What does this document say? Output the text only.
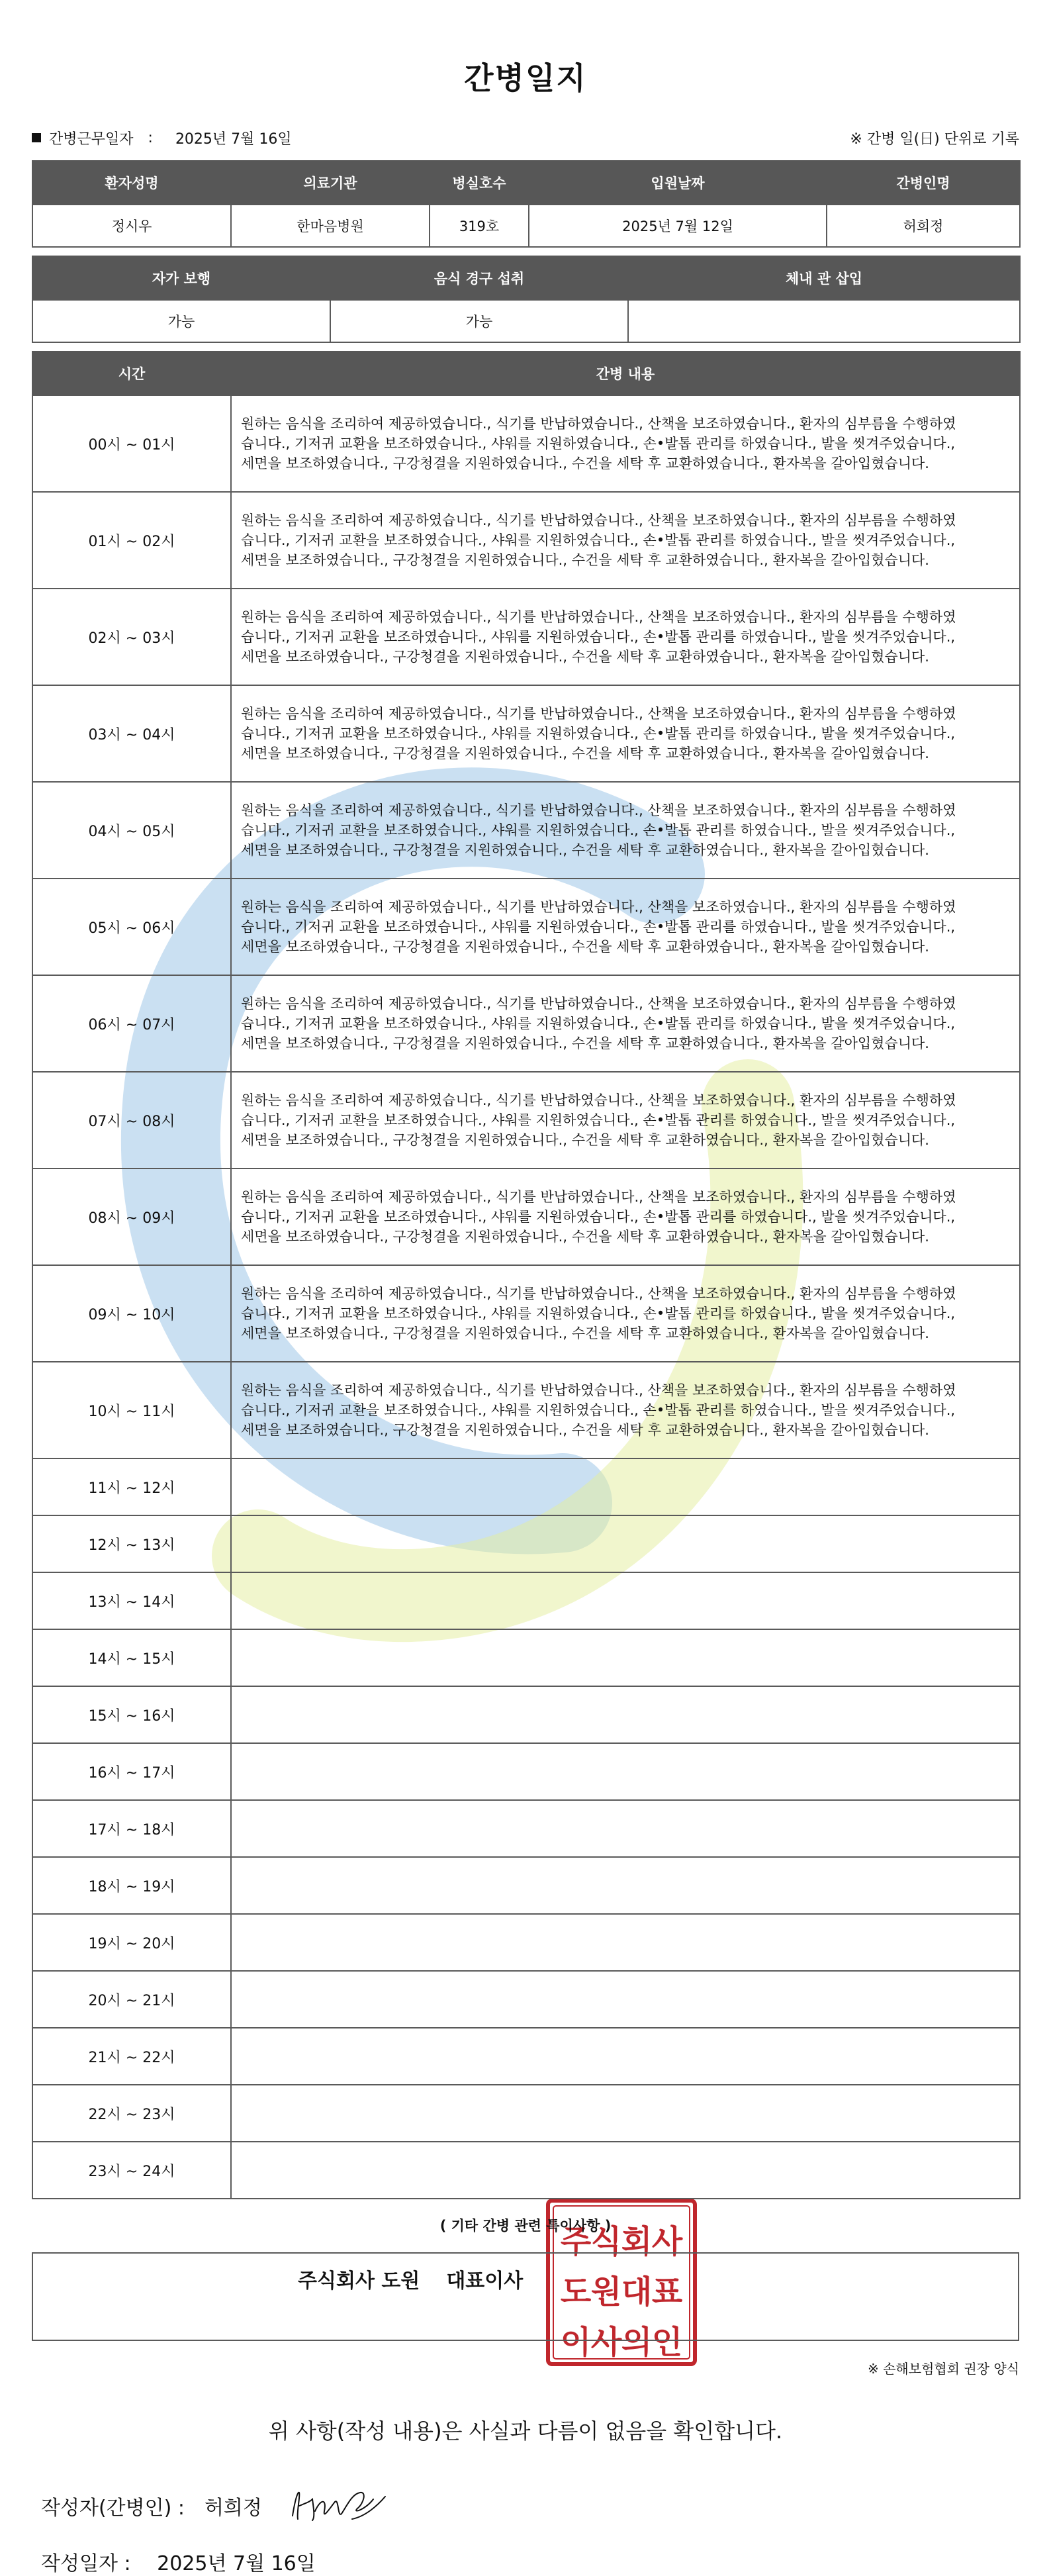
간병일지
간병근무일자 : 2025년 7월 16일	※ 간병 일(日) 단위로 기록
환자성명	의료기관	병실호수	입원날짜	간병인명
정시우	한마음병원	319호	2025년 7월 12일	허희정
자가 보행	음식 경구 섭취	체내 관 삽입
가능	가능	
시간	간병 내용
00시 ~ 01시	원하는 음식을 조리하여 제공하였습니다., 식기를 반납하였습니다., 산책을 보조하였습니다., 환자의 심부름을 수행하였
습니다., 기저귀 교환을 보조하였습니다., 샤워를 지원하였습니다., 손•발톱 관리를 하였습니다., 발을 씻겨주었습니다.,
세면을 보조하였습니다., 구강청결을 지원하였습니다., 수건을 세탁 후 교환하였습니다., 환자복을 갈아입혔습니다.

01시 ~ 02시	원하는 음식을 조리하여 제공하였습니다., 식기를 반납하였습니다., 산책을 보조하였습니다., 환자의 심부름을 수행하였
습니다., 기저귀 교환을 보조하였습니다., 샤워를 지원하였습니다., 손•발톱 관리를 하였습니다., 발을 씻겨주었습니다.,
세면을 보조하였습니다., 구강청결을 지원하였습니다., 수건을 세탁 후 교환하였습니다., 환자복을 갈아입혔습니다.

02시 ~ 03시	원하는 음식을 조리하여 제공하였습니다., 식기를 반납하였습니다., 산책을 보조하였습니다., 환자의 심부름을 수행하였
습니다., 기저귀 교환을 보조하였습니다., 샤워를 지원하였습니다., 손•발톱 관리를 하였습니다., 발을 씻겨주었습니다.,
세면을 보조하였습니다., 구강청결을 지원하였습니다., 수건을 세탁 후 교환하였습니다., 환자복을 갈아입혔습니다.

03시 ~ 04시	원하는 음식을 조리하여 제공하였습니다., 식기를 반납하였습니다., 산책을 보조하였습니다., 환자의 심부름을 수행하였
습니다., 기저귀 교환을 보조하였습니다., 샤워를 지원하였습니다., 손•발톱 관리를 하였습니다., 발을 씻겨주었습니다.,
세면을 보조하였습니다., 구강청결을 지원하였습니다., 수건을 세탁 후 교환하였습니다., 환자복을 갈아입혔습니다.

04시 ~ 05시	원하는 음식을 조리하여 제공하였습니다., 식기를 반납하였습니다., 산책을 보조하였습니다., 환자의 심부름을 수행하였
습니다., 기저귀 교환을 보조하였습니다., 샤워를 지원하였습니다., 손•발톱 관리를 하였습니다., 발을 씻겨주었습니다.,
세면을 보조하였습니다., 구강청결을 지원하였습니다., 수건을 세탁 후 교환하였습니다., 환자복을 갈아입혔습니다.

05시 ~ 06시	원하는 음식을 조리하여 제공하였습니다., 식기를 반납하였습니다., 산책을 보조하였습니다., 환자의 심부름을 수행하였
습니다., 기저귀 교환을 보조하였습니다., 샤워를 지원하였습니다., 손•발톱 관리를 하였습니다., 발을 씻겨주었습니다.,
세면을 보조하였습니다., 구강청결을 지원하였습니다., 수건을 세탁 후 교환하였습니다., 환자복을 갈아입혔습니다.

06시 ~ 07시	원하는 음식을 조리하여 제공하였습니다., 식기를 반납하였습니다., 산책을 보조하였습니다., 환자의 심부름을 수행하였
습니다., 기저귀 교환을 보조하였습니다., 샤워를 지원하였습니다., 손•발톱 관리를 하였습니다., 발을 씻겨주었습니다.,
세면을 보조하였습니다., 구강청결을 지원하였습니다., 수건을 세탁 후 교환하였습니다., 환자복을 갈아입혔습니다.

07시 ~ 08시	원하는 음식을 조리하여 제공하였습니다., 식기를 반납하였습니다., 산책을 보조하였습니다., 환자의 심부름을 수행하였
습니다., 기저귀 교환을 보조하였습니다., 샤워를 지원하였습니다., 손•발톱 관리를 하였습니다., 발을 씻겨주었습니다.,
세면을 보조하였습니다., 구강청결을 지원하였습니다., 수건을 세탁 후 교환하였습니다., 환자복을 갈아입혔습니다.

08시 ~ 09시	원하는 음식을 조리하여 제공하였습니다., 식기를 반납하였습니다., 산책을 보조하였습니다., 환자의 심부름을 수행하였
습니다., 기저귀 교환을 보조하였습니다., 샤워를 지원하였습니다., 손•발톱 관리를 하였습니다., 발을 씻겨주었습니다.,
세면을 보조하였습니다., 구강청결을 지원하였습니다., 수건을 세탁 후 교환하였습니다., 환자복을 갈아입혔습니다.

09시 ~ 10시	원하는 음식을 조리하여 제공하였습니다., 식기를 반납하였습니다., 산책을 보조하였습니다., 환자의 심부름을 수행하였
습니다., 기저귀 교환을 보조하였습니다., 샤워를 지원하였습니다., 손•발톱 관리를 하였습니다., 발을 씻겨주었습니다.,
세면을 보조하였습니다., 구강청결을 지원하였습니다., 수건을 세탁 후 교환하였습니다., 환자복을 갈아입혔습니다.

10시 ~ 11시	원하는 음식을 조리하여 제공하였습니다., 식기를 반납하였습니다., 산책을 보조하였습니다., 환자의 심부름을 수행하였
습니다., 기저귀 교환을 보조하였습니다., 샤워를 지원하였습니다., 손•발톱 관리를 하였습니다., 발을 씻겨주었습니다.,
세면을 보조하였습니다., 구강청결을 지원하였습니다., 수건을 세탁 후 교환하였습니다., 환자복을 갈아입혔습니다.

11시 ~ 12시	
12시 ~ 13시	
13시 ~ 14시	
14시 ~ 15시	
15시 ~ 16시	
16시 ~ 17시	
17시 ~ 18시	
18시 ~ 19시	
19시 ~ 20시	
20시 ~ 21시	
21시 ~ 22시	
22시 ~ 23시	
23시 ~ 24시	
( 기타 간병 관련 특이사항 )
※ 손해보험협회 권장 양식
위 사항(작성 내용)은 사실과 다름이 없음을 확인합니다.
작성자(간병인) : 허희정
작성일자 : 2025년 7월 16일
주식회사 도원 대표이사
주 식 회 사
도 원 대 표
이 사 의 인
